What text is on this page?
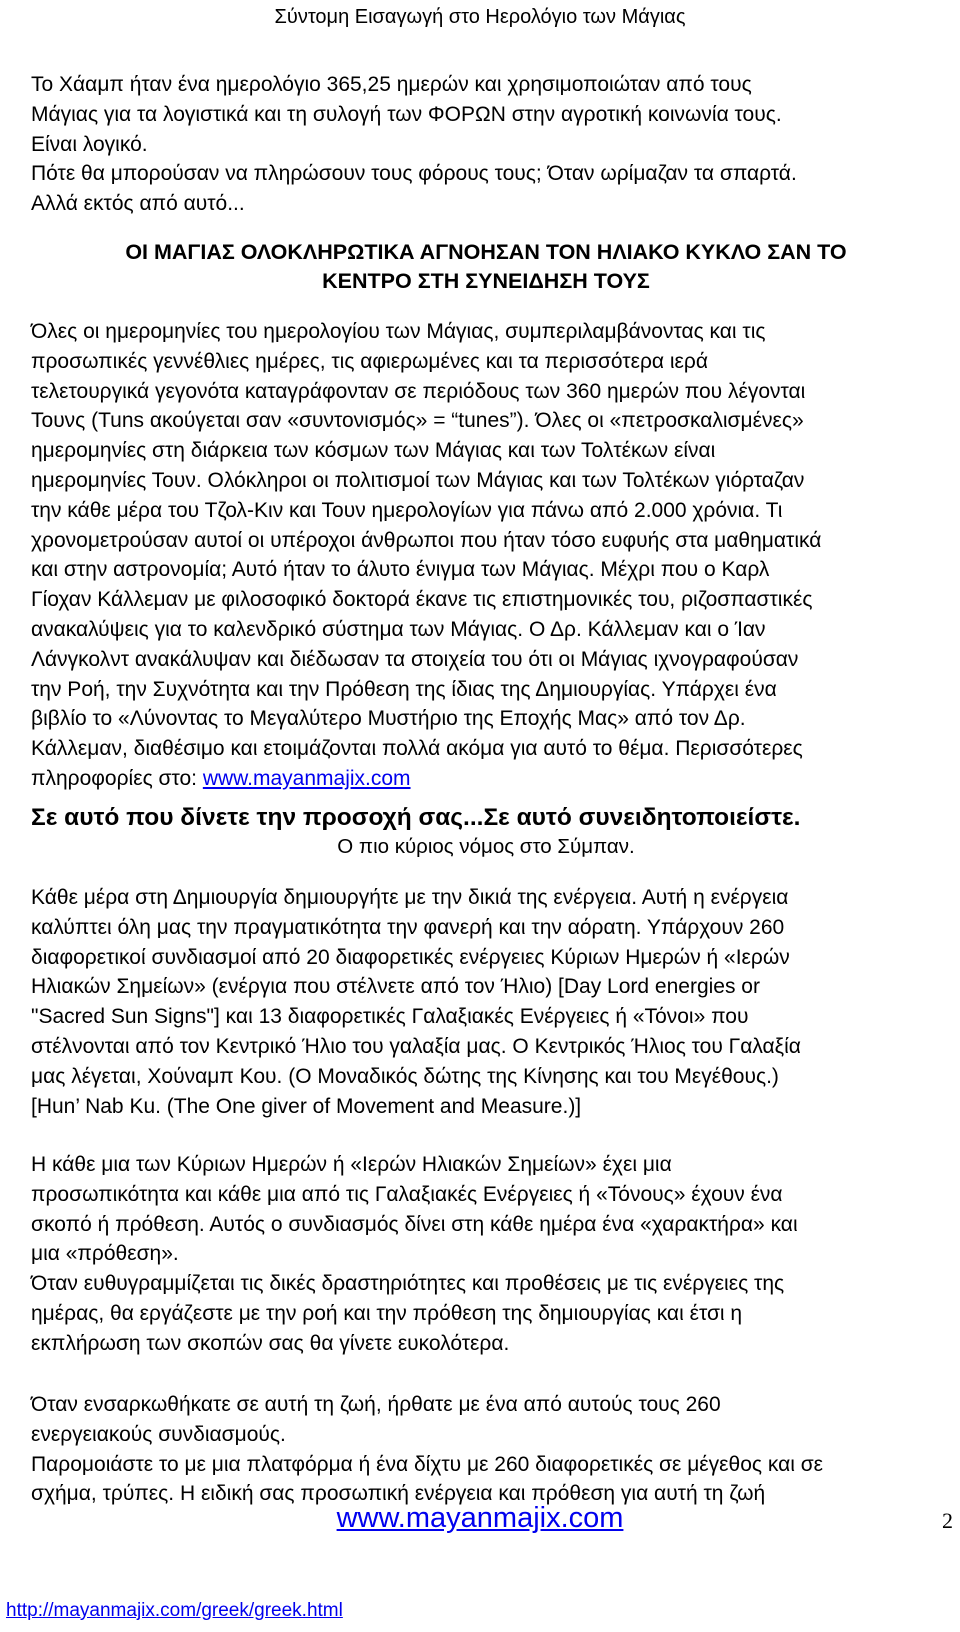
Σύντομη Εισαγωγή στο Ηερολόγιο των Μάγιας
Το Χάαμπ ήταν ένα ημερολόγιο 365,25 ημερών και χρησιμοποιώταν από τους
Μάγιας για τα λογιστικά και τη συλογή των ΦΟΡΩΝ στην αγροτική κοινωνία τους.
Είναι λογικό.
Πότε θα μπορούσαν να πληρώσουν τους φόρους τους; Όταν ωρίμαζαν τα σπαρτά.
Αλλά εκτός από αυτό...
ΟΙ ΜΑΓΙΑΣ ΟΛΟΚΛΗΡΩΤΙΚΑ ΑΓΝΟΗΣΑΝ ΤΟΝ ΗΛΙΑΚΟ ΚΥΚΛΟ ΣΑΝ ΤΟ
ΚΕΝΤΡΟ ΣΤΗ ΣΥΝΕΙΔΗΣΗ ΤΟΥΣ
Όλες οι ημερομηνίες του ημερολογίου των Μάγιας, συμπεριλαμβάνοντας και τις
προσωπικές γεννέθλιες ημέρες, τις αφιερωμένες και τα περισσότερα ιερά
τελετουργικά γεγονότα καταγράφονταν σε περιόδους των 360 ημερών που λέγονται
Τουνς (Tuns ακούγεται σαν «συντονισμός» = “tunes”). Όλες οι «πετροσκαλισμένες»
ημερομηνίες στη διάρκεια των κόσμων των Μάγιας και των Τολτέκων είναι
ημερομηνίες Τουν. Ολόκληροι οι πολιτισμοί των Μάγιας και των Τολτέκων γιόρταζαν
την κάθε μέρα του Τζολ-Κιν και Τουν ημερολογίων για πάνω από 2.000 χρόνια. Τι
χρονομετρούσαν αυτοί οι υπέροχοι άνθρωποι που ήταν τόσο ευφυής στα μαθηματικά
και στην αστρονομία; Αυτό ήταν το άλυτο ένιγμα των Μάγιας. Μέχρι που ο Καρλ
Γίοχαν Κάλλεμαν με φιλοσοφικό δοκτορά έκανε τις επιστημονικές του, ριζοσπαστικές
ανακαλύψεις για το καλενδρικό σύστημα των Μάγιας. Ο Δρ. Κάλλεμαν και ο Ίαν
Λάνγκολντ ανακάλυψαν και διέδωσαν τα στοιχεία του ότι οι Μάγιας ιχνογραφούσαν
την Ροή, την Συχνότητα και την Πρόθεση της ίδιας της Δημιουργίας. Υπάρχει ένα
βιβλίο το «Λύνοντας το Μεγαλύτερο Μυστήριο της Εποχής Μας» από τον Δρ.
Κάλλεμαν, διαθέσιμο και ετοιμάζονται πολλά ακόμα για αυτό το θέμα. Περισσότερες
πληροφορίες στο: www.mayanmajix.com
Σε αυτό που δίνετε την προσοχή σας...Σε αυτό συνειδητοποιείστε.
Ο πιο κύριος νόμος στο Σύμπαν.
Κάθε μέρα στη Δημιουργία δημιουργήτε με την δικιά της ενέργεια. Αυτή η ενέργεια
καλύπτει όλη μας την πραγματικότητα την φανερή και την αόρατη. Υπάρχουν 260
διαφορετικοί συνδιασμοί από 20 διαφορετικές ενέργειες Κύριων Ημερών ή «Ιερών
Ηλιακών Σημείων» (ενέργια που στέλνετε από τον Ήλιο) [Day Lord energies or
"Sacred Sun Signs"] και 13 διαφορετικές Γαλαξιακές Ενέργειες ή «Τόνοι» που
στέλνονται από τον Κεντρικό Ήλιο του γαλαξία μας. Ο Κεντρικός Ήλιος του Γαλαξία
μας λέγεται, Χούναμπ Κου. (Ο Μοναδικός δώτης της Κίνησης και του Μεγέθους.)
[Hun’ Nab Ku. (The One giver of Movement and Measure.)]
Η κάθε μια των Κύριων Ημερών ή «Ιερών Ηλιακών Σημείων» έχει μια
προσωπικότητα και κάθε μια από τις Γαλαξιακές Ενέργειες ή «Τόνους» έχουν ένα
σκοπό ή πρόθεση. Αυτός ο συνδιασμός δίνει στη κάθε ημέρα ένα «χαρακτήρα» και
μια «πρόθεση».
Όταν ευθυγραμμίζεται τις δικές δραστηριότητες και προθέσεις με τις ενέργειες της
ημέρας, θα εργάζεστε με την ροή και την πρόθεση της δημιουργίας και έτσι η
εκπλήρωση των σκοπών σας θα γίνετε ευκολότερα.
Όταν ενσαρκωθήκατε σε αυτή τη ζωή, ήρθατε με ένα από αυτούς τους 260
ενεργειακούς συνδιασμούς.
Παρομοιάστε το με μια πλατφόρμα ή ένα δίχτυ με 260 διαφορετικές σε μέγεθος και σε
σχήμα, τρύπες. Η ειδική σας προσωπική ενέργεια και πρόθεση για αυτή τη ζωή
www.mayanmajix.com	2
http://mayanmajix.com/greek/greek.html
